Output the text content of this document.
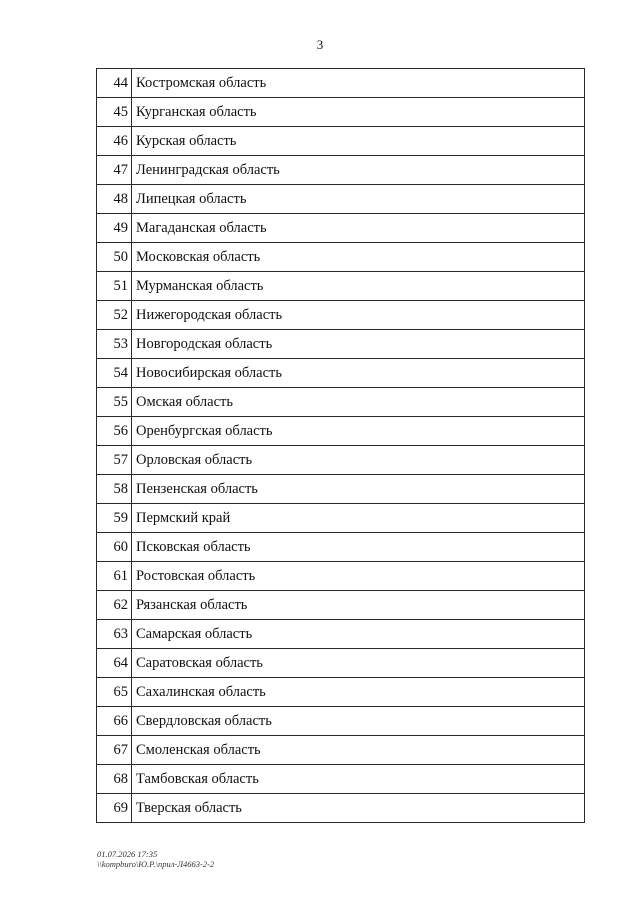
3
44	Костромская область
45	Курганская область
46	Курская область
47	Ленинградская область
48	Липецкая область
49	Магаданская область
50	Московская область
51	Мурманская область
52	Нижегородская область
53	Новгородская область
54	Новосибирская область
55	Омская область
56	Оренбургская область
57	Орловская область
58	Пензенская область
59	Пермский край
60	Псковская область
61	Ростовская область
62	Рязанская область
63	Самарская область
64	Саратовская область
65	Сахалинская область
66	Свердловская область
67	Смоленская область
68	Тамбовская область
69	Тверская область
01.07.2026 17:35
\\kompburo\Ю.Р.\прил-Л4663-2-2
